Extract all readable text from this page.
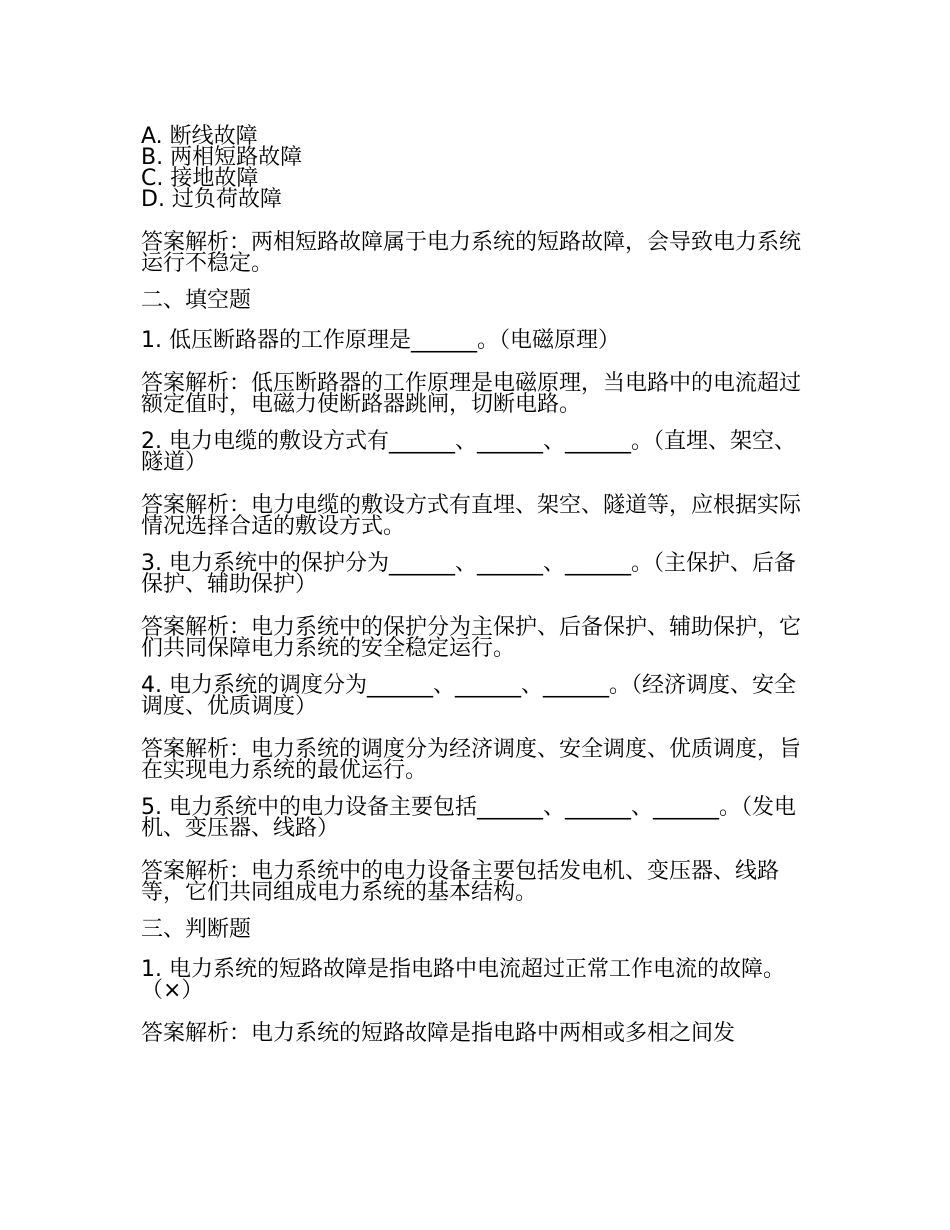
A. 断线故障
B. 两相短路故障
C. 接地故障
D. 过负荷故障
答案解析：两相短路故障属于电力系统的短路故障，会导致电力系统运行不稳定。
二、填空题
1. 低压断路器的工作原理是______。（电磁原理）
答案解析：低压断路器的工作原理是电磁原理，当电路中的电流超过额定值时，电磁力使断路器跳闸，切断电路。
2. 电力电缆的敷设方式有______、______、______。（直埋、架空、隧道）
答案解析：电力电缆的敷设方式有直埋、架空、隧道等，应根据实际情况选择合适的敷设方式。
3. 电力系统中的保护分为______、______、______。（主保护、后备保护、辅助保护）
答案解析：电力系统中的保护分为主保护、后备保护、辅助保护，它们共同保障电力系统的安全稳定运行。
4. 电力系统的调度分为______、______、______。（经济调度、安全调度、优质调度）
答案解析：电力系统的调度分为经济调度、安全调度、优质调度，旨在实现电力系统的最优运行。
5. 电力系统中的电力设备主要包括______、______、______。（发电机、变压器、线路）
答案解析：电力系统中的电力设备主要包括发电机、变压器、线路等，它们共同组成电力系统的基本结构。
三、判断题
1. 电力系统的短路故障是指电路中电流超过正常工作电流的故障。（×）
答案解析：电力系统的短路故障是指电路中两相或多相之间发
